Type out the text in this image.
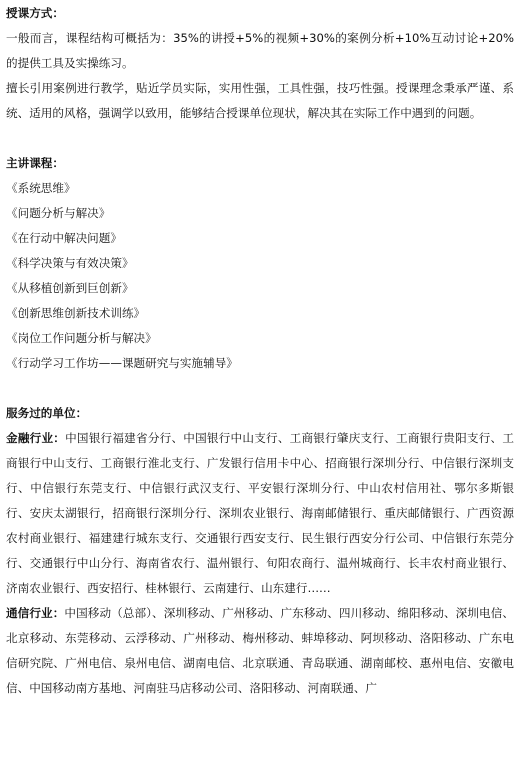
授课方式：

一般而言，课程结构可概括为：35%的讲授+5%的视频+30%的案例分析+10%互动讨论+20%的提供工具及实操练习。

擅长引用案例进行教学，贴近学员实际，实用性强，工具性强，技巧性强。授课理念秉承严谨、系统、适用的风格，强调学以致用，能够结合授课单位现状，解决其在实际工作中遇到的问题。

主讲课程：

《系统思维》
《问题分析与解决》
《在行动中解决问题》
《科学决策与有效决策》
《从移植创新到巨创新》
《创新思维创新技术训练》
《岗位工作问题分析与解决》
《行动学习工作坊——课题研究与实施辅导》

服务过的单位：

金融行业：中国银行福建省分行、中国银行中山支行、工商银行肇庆支行、工商银行贵阳支行、工商银行中山支行、工商银行淮北支行、广发银行信用卡中心、招商银行深圳分行、中信银行深圳支行、中信银行东莞支行、中信银行武汉支行、平安银行深圳分行、中山农村信用社、鄂尔多斯银行、安庆太湖银行，招商银行深圳分行、深圳农业银行、海南邮储银行、重庆邮储银行、广西资源农村商业银行、福建建行城东支行、交通银行西安支行、民生银行西安分行公司、中信银行东莞分行、交通银行中山分行、海南省农行、温州银行、旬阳农商行、温州城商行、长丰农村商业银行、济南农业银行、西安招行、桂林银行、云南建行、山东建行……

通信行业：中国移动（总部）、深圳移动、广州移动、广东移动、四川移动、绵阳移动、深圳电信、北京移动、东莞移动、云浮移动、广州移动、梅州移动、蚌埠移动、阿坝移动、洛阳移动、广东电信研究院、广州电信、泉州电信、湖南电信、北京联通、青岛联通、湖南邮校、惠州电信、安徽电信、中国移动南方基地、河南驻马店移动公司、洛阳移动、河南联通、广
